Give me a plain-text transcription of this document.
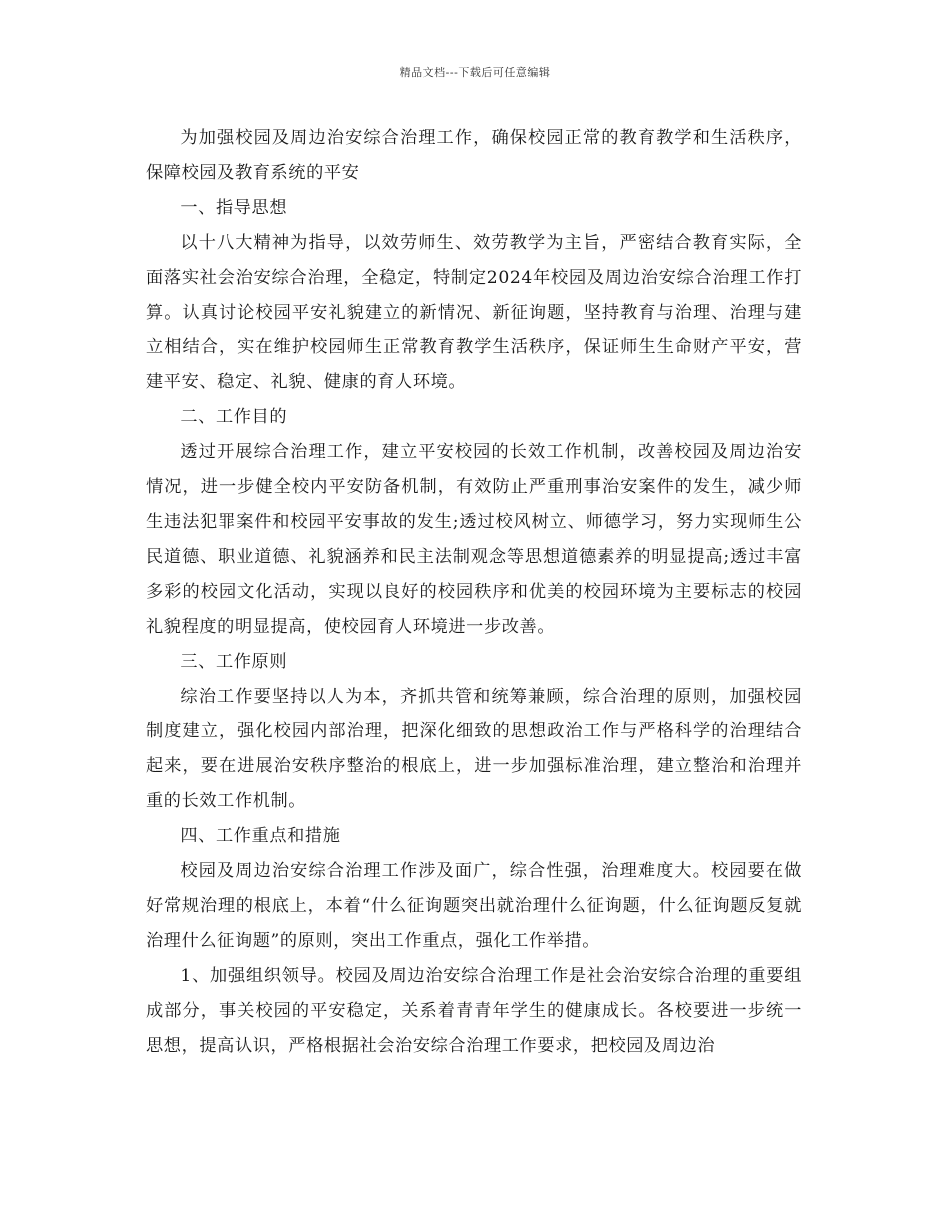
精品文档---下载后可任意编辑

为加强校园及周边治安综合治理工作，确保校园正常的教育教学和生活秩序，保障校园及教育系统的平安

一、指导思想

以十八大精神为指导，以效劳师生、效劳教学为主旨，严密结合教育实际，全面落实社会治安综合治理，全稳定，特制定2024年校园及周边治安综合治理工作打算。认真讨论校园平安礼貌建立的新情况、新征询题，坚持教育与治理、治理与建立相结合，实在维护校园师生正常教育教学生活秩序，保证师生生命财产平安，营建平安、稳定、礼貌、健康的育人环境。

二、工作目的

透过开展综合治理工作，建立平安校园的长效工作机制，改善校园及周边治安情况，进一步健全校内平安防备机制，有效防止严重刑事治安案件的发生，减少师生违法犯罪案件和校园平安事故的发生;透过校风树立、师德学习，努力实现师生公民道德、职业道德、礼貌涵养和民主法制观念等思想道德素养的明显提高;透过丰富多彩的校园文化活动，实现以良好的校园秩序和优美的校园环境为主要标志的校园礼貌程度的明显提高，使校园育人环境进一步改善。

三、工作原则

综治工作要坚持以人为本，齐抓共管和统筹兼顾，综合治理的原则，加强校园制度建立，强化校园内部治理，把深化细致的思想政治工作与严格科学的治理结合起来，要在进展治安秩序整治的根底上，进一步加强标准治理，建立整治和治理并重的长效工作机制。

四、工作重点和措施

校园及周边治安综合治理工作涉及面广，综合性强，治理难度大。校园要在做好常规治理的根底上，本着“什么征询题突出就治理什么征询题，什么征询题反复就治理什么征询题”的原则，突出工作重点，强化工作举措。

1、加强组织领导。校园及周边治安综合治理工作是社会治安综合治理的重要组成部分，事关校园的平安稳定，关系着青青年学生的健康成长。各校要进一步统一思想，提高认识，严格根据社会治安综合治理工作要求，把校园及周边治
